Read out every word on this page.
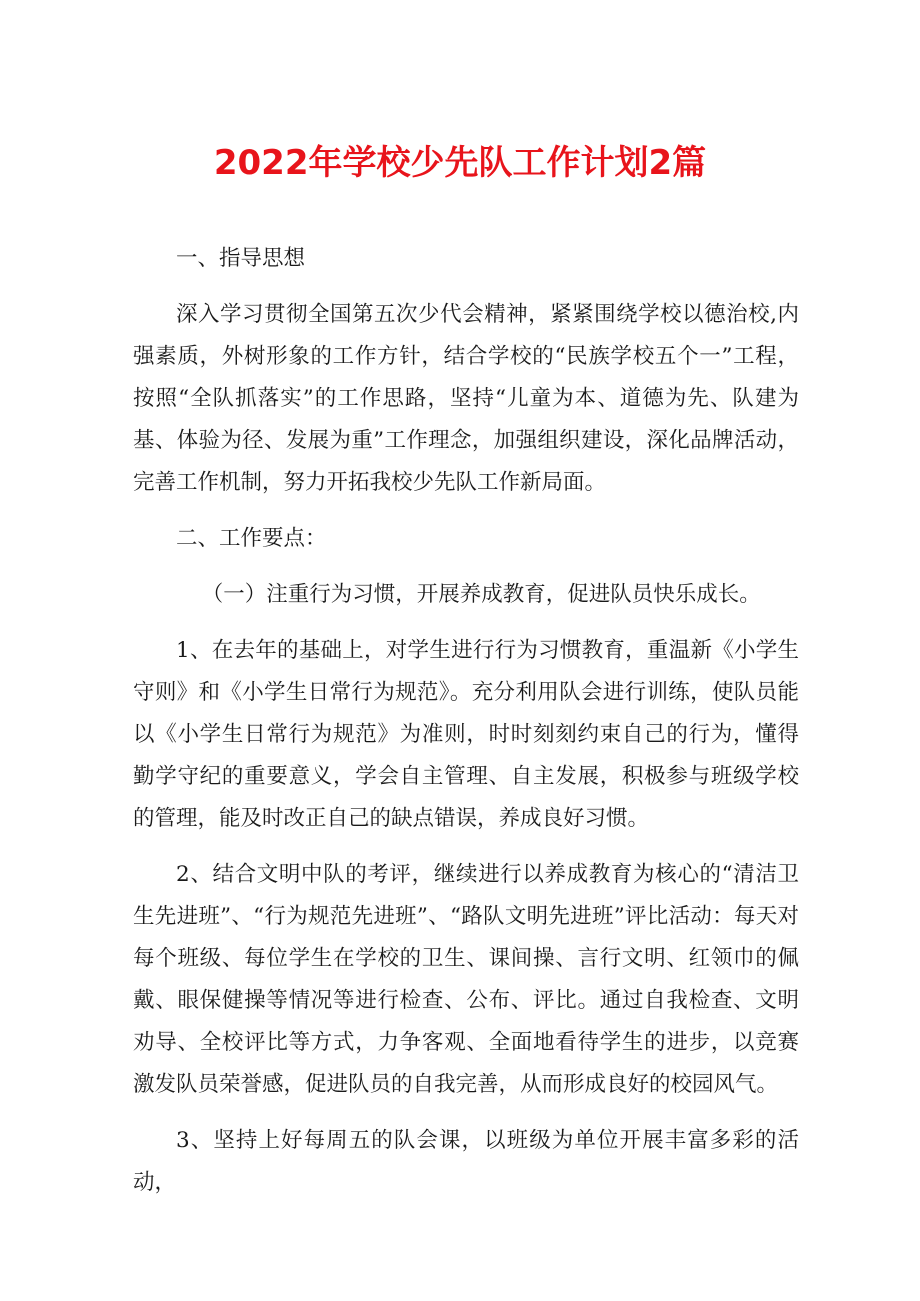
2022年学校少先队工作计划2篇

一、指导思想

深入学习贯彻全国第五次少代会精神，紧紧围绕学校以德治校,内强素质，外树形象的工作方针，结合学校的“民族学校五个一”工程，按照“全队抓落实”的工作思路，坚持“儿童为本、道德为先、队建为基、体验为径、发展为重”工作理念，加强组织建设，深化品牌活动，完善工作机制，努力开拓我校少先队工作新局面。

二、工作要点：

（一）注重行为习惯，开展养成教育，促进队员快乐成长。

1、在去年的基础上，对学生进行行为习惯教育，重温新《小学生守则》和《小学生日常行为规范》。充分利用队会进行训练，使队员能以《小学生日常行为规范》为准则，时时刻刻约束自己的行为，懂得勤学守纪的重要意义，学会自主管理、自主发展，积极参与班级学校的管理，能及时改正自己的缺点错误，养成良好习惯。

2、结合文明中队的考评，继续进行以养成教育为核心的“清洁卫生先进班”、“行为规范先进班”、“路队文明先进班”评比活动：每天对每个班级、每位学生在学校的卫生、课间操、言行文明、红领巾的佩戴、眼保健操等情况等进行检查、公布、评比。通过自我检查、文明劝导、全校评比等方式，力争客观、全面地看待学生的进步，以竞赛激发队员荣誉感，促进队员的自我完善，从而形成良好的校园风气。

3、坚持上好每周五的队会课，以班级为单位开展丰富多彩的活动，
